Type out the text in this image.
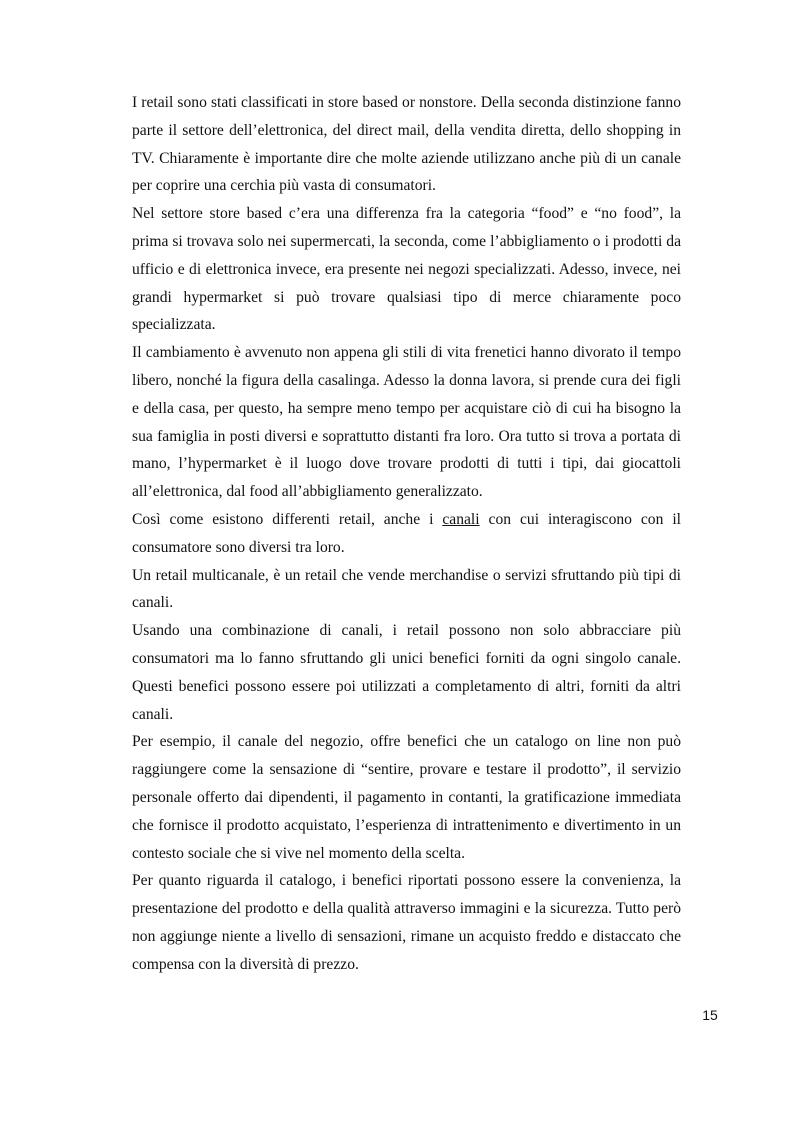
I retail sono stati classificati in store based or nonstore. Della seconda distinzione fanno parte il settore dell’elettronica, del direct mail, della vendita diretta, dello shopping in TV. Chiaramente è importante dire che molte aziende utilizzano anche più di un canale per coprire una cerchia più vasta di consumatori.

Nel settore store based c’era una differenza fra la categoria “food” e “no food”, la prima si trovava solo nei supermercati, la seconda, come l’abbigliamento o i prodotti da ufficio e di elettronica invece, era presente nei negozi specializzati. Adesso, invece, nei grandi hypermarket si può trovare qualsiasi tipo di merce chiaramente poco specializzata.

Il cambiamento è avvenuto non appena gli stili di vita frenetici hanno divorato il tempo libero, nonché la figura della casalinga. Adesso la donna lavora, si prende cura dei figli e della casa, per questo, ha sempre meno tempo per acquistare ciò di cui ha bisogno la sua famiglia in posti diversi e soprattutto distanti fra loro. Ora tutto si trova a portata di mano, l’hypermarket è il luogo dove trovare prodotti di tutti i tipi, dai giocattoli all’elettronica, dal food all’abbigliamento generalizzato.

Così come esistono differenti retail, anche i canali con cui interagiscono con il consumatore sono diversi tra loro.

Un retail multicanale, è un retail che vende merchandise o servizi sfruttando più tipi di canali.

Usando una combinazione di canali, i retail possono non solo abbracciare più consumatori ma lo fanno sfruttando gli unici benefici forniti da ogni singolo canale. Questi benefici possono essere poi utilizzati a completamento di altri, forniti da altri canali.

Per esempio, il canale del negozio, offre benefici che un catalogo on line non può raggiungere come la sensazione di “sentire, provare e testare il prodotto”, il servizio personale offerto dai dipendenti, il pagamento in contanti, la gratificazione immediata che fornisce il prodotto acquistato, l’esperienza di intrattenimento e divertimento in un contesto sociale che si vive nel momento della scelta.

Per quanto riguarda il catalogo, i benefici riportati possono essere la convenienza, la presentazione del prodotto e della qualità attraverso immagini e la sicurezza. Tutto però non aggiunge niente a livello di sensazioni, rimane un acquisto freddo e distaccato che compensa con la diversità di prezzo.

15
